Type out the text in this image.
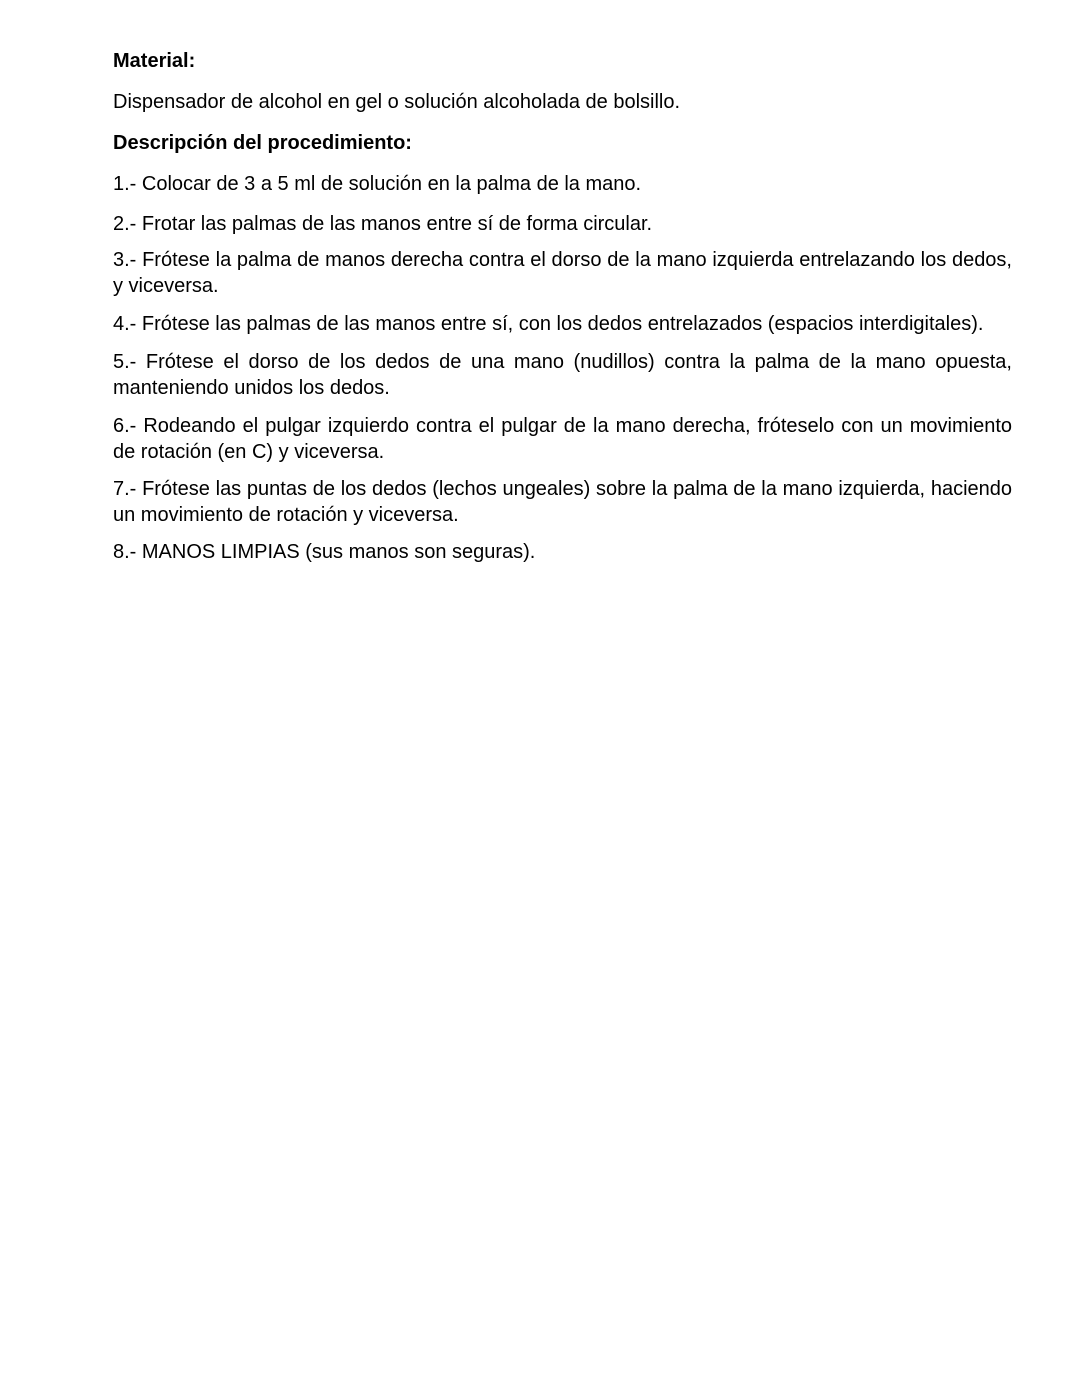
Material:

Dispensador de alcohol en gel o solución alcoholada de bolsillo.

Descripción del procedimiento:

1.- Colocar de 3 a 5 ml de solución en la palma de la mano.

2.- Frotar las palmas de las manos entre sí de forma circular.

3.- Frótese la palma de manos derecha contra el dorso de la mano izquierda entrelazando los dedos, y viceversa.

4.- Frótese las palmas de las manos entre sí, con los dedos entrelazados (espacios interdigitales).

5.- Frótese el dorso de los dedos de una mano (nudillos) contra la palma de la mano opuesta, manteniendo unidos los dedos.

6.- Rodeando el pulgar izquierdo contra el pulgar de la mano derecha, fróteselo con un movimiento de rotación (en C) y viceversa.

7.- Frótese las puntas de los dedos (lechos ungeales) sobre la palma de la mano izquierda, haciendo un movimiento de rotación y viceversa.

8.- MANOS LIMPIAS (sus manos son seguras).
